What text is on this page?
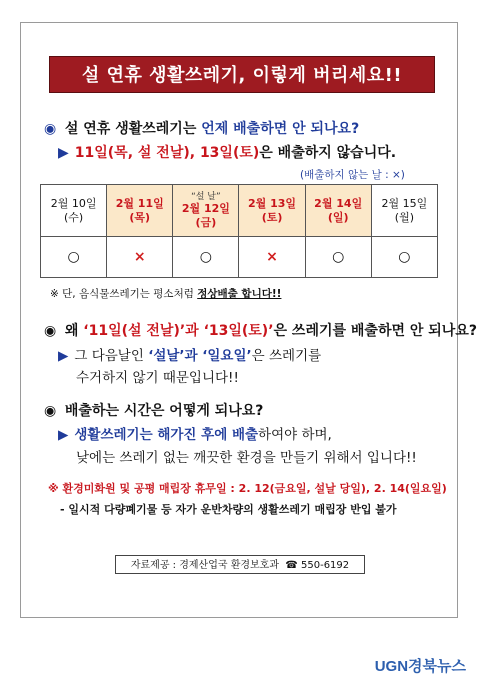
설 연휴 생활쓰레기, 이렇게 버리세요!!
◉ 설 연휴 생활쓰레기는 언제 배출하면 안 되나요?
▶ 11일(목, 설 전날), 13일(토)은 배출하지 않습니다.
(배출하지 않는 날 : ×)
2월 10일
(수)	2월 11일
(목)	“설 날”
2월 12일
(금)	2월 13일
(토)	2월 14일
(일)	2월 15일
(월)
○	×	○	×	○	○
※ 단, 음식물쓰레기는 평소처럼 정상배출 합니다!!
◉ 왜 ‘11일(설 전날)’과 ‘13일(토)’은 쓰레기를 배출하면 안 되나요?
▶ 그 다음날인 ‘설날’과 ‘일요일’은 쓰레기를
수거하지 않기 때문입니다!!
◉ 배출하는 시간은 어떻게 되나요?
▶ 생활쓰레기는 해가진 후에 배출하여야 하며,
낮에는 쓰레기 없는 깨끗한 환경을 만들기 위해서 입니다!!
※ 환경미화원 및 공평 매립장 휴무일 : 2. 12(금요일, 설날 당일), 2. 14(일요일)
- 일시적 다량폐기물 등 자가 운반차량의 생활쓰레기 매립장 반입 불가
자료제공 : 경제산업국 환경보호과 ☎ 550-6192
UGN경북뉴스
